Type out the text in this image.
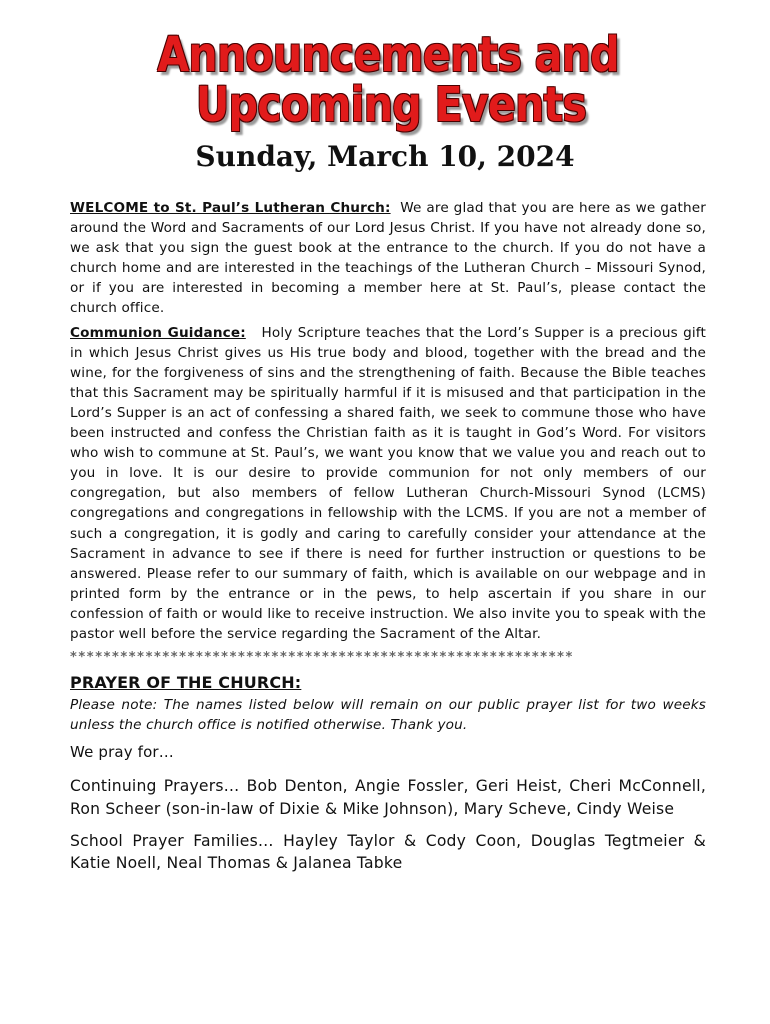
Announcements and
Upcoming Events
Sunday, March 10, 2024

WELCOME to St. Paul’s Lutheran Church: We are glad that you are here as we gather around the Word and Sacraments of our Lord Jesus Christ. If you have not already done so, we ask that you sign the guest book at the entrance to the church. If you do not have a church home and are interested in the teachings of the Lutheran Church – Missouri Synod, or if you are interested in becoming a member here at St. Paul’s, please contact the church office.

Communion Guidance: Holy Scripture teaches that the Lord’s Supper is a precious gift in which Jesus Christ gives us His true body and blood, together with the bread and the wine, for the forgiveness of sins and the strengthening of faith. Because the Bible teaches that this Sacrament may be spiritually harmful if it is misused and that participation in the Lord’s Supper is an act of confessing a shared faith, we seek to commune those who have been instructed and confess the Christian faith as it is taught in God’s Word. For visitors who wish to commune at St. Paul’s, we want you know that we value you and reach out to you in love. It is our desire to provide communion for not only members of our congregation, but also members of fellow Lutheran Church-Missouri Synod (LCMS) congregations and congregations in fellowship with the LCMS. If you are not a member of such a congregation, it is godly and caring to carefully consider your attendance at the Sacrament in advance to see if there is need for further instruction or questions to be answered. Please refer to our summary of faith, which is available on our webpage and in printed form by the entrance or in the pews, to help ascertain if you share in our confession of faith or would like to receive instruction. We also invite you to speak with the pastor well before the service regarding the Sacrament of the Altar.

************************************************************
PRAYER OF THE CHURCH:

Please note: The names listed below will remain on our public prayer list for two weeks unless the church office is notified otherwise. Thank you.

We pray for…

Continuing Prayers… Bob Denton, Angie Fossler, Geri Heist, Cheri McConnell, Ron Scheer (son-in-law of Dixie & Mike Johnson), Mary Scheve, Cindy Weise

School Prayer Families… Hayley Taylor & Cody Coon, Douglas Tegtmeier & Katie Noell, Neal Thomas & Jalanea Tabke
